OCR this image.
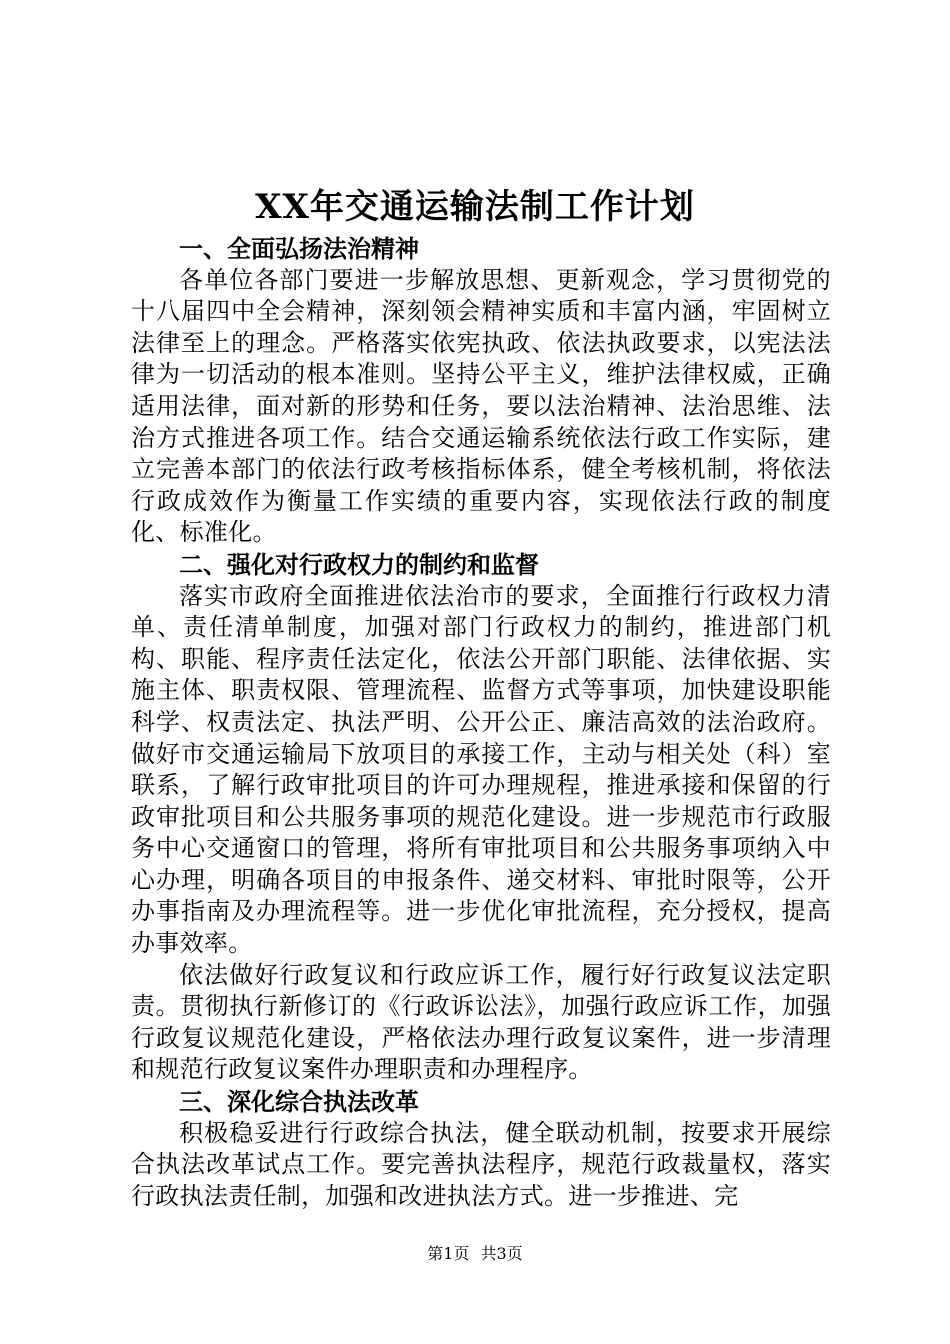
XX年交通运输法制工作计划
一、全面弘扬法治精神

各单位各部门要进一步解放思想、更新观念，学习贯彻党的十八届四中全会精神，深刻领会精神实质和丰富内涵，牢固树立法律至上的理念。严格落实依宪执政、依法执政要求，以宪法法律为一切活动的根本准则。坚持公平主义，维护法律权威，正确适用法律，面对新的形势和任务，要以法治精神、法治思维、法治方式推进各项工作。结合交通运输系统依法行政工作实际，建立完善本部门的依法行政考核指标体系，健全考核机制，将依法行政成效作为衡量工作实绩的重要内容，实现依法行政的制度化、标准化。

二、强化对行政权力的制约和监督

落实市政府全面推进依法治市的要求，全面推行行政权力清单、责任清单制度，加强对部门行政权力的制约，推进部门机构、职能、程序责任法定化，依法公开部门职能、法律依据、实施主体、职责权限、管理流程、监督方式等事项，加快建设职能科学、权责法定、执法严明、公开公正、廉洁高效的法治政府。做好市交通运输局下放项目的承接工作，主动与相关处（科）室联系，了解行政审批项目的许可办理规程，推进承接和保留的行政审批项目和公共服务事项的规范化建设。进一步规范市行政服务中心交通窗口的管理，将所有审批项目和公共服务事项纳入中心办理，明确各项目的申报条件、递交材料、审批时限等，公开办事指南及办理流程等。进一步优化审批流程，充分授权，提高办事效率。

依法做好行政复议和行政应诉工作，履行好行政复议法定职责。贯彻执行新修订的《行政诉讼法》，加强行政应诉工作，加强行政复议规范化建设，严格依法办理行政复议案件，进一步清理和规范行政复议案件办理职责和办理程序。

三、深化综合执法改革

积极稳妥进行行政综合执法，健全联动机制，按要求开展综合执法改革试点工作。要完善执法程序，规范行政裁量权，落实行政执法责任制，加强和改进执法方式。进一步推进、完

第1页 共3页
